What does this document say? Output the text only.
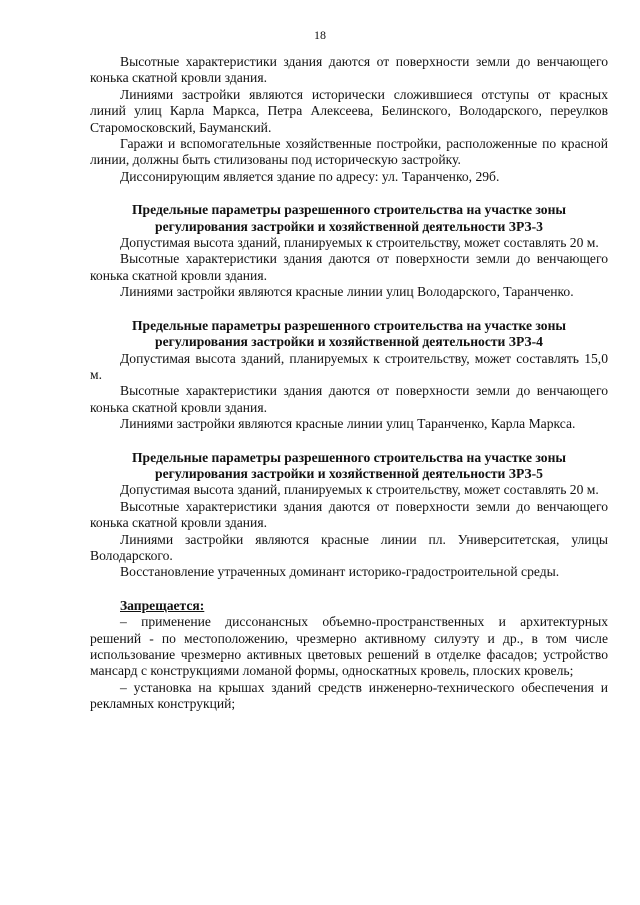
18

Высотные характеристики здания даются от поверхности земли до венчающего конька скатной кровли здания.

Линиями застройки являются исторически сложившиеся отступы от красных линий улиц Карла Маркса, Петра Алексеева, Белинского, Володарского, переулков Старомосковский, Бауманский.

Гаражи и вспомогательные хозяйственные постройки, расположенные по красной линии, должны быть стилизованы под историческую застройку.

Диссонирующим является здание по адресу: ул. Таранченко, 29б.

Предельные параметры разрешенного строительства на участке зоны регулирования застройки и хозяйственной деятельности ЗРЗ-3

Допустимая высота зданий, планируемых к строительству, может составлять 20 м.

Высотные характеристики здания даются от поверхности земли до венчающего конька скатной кровли здания.

Линиями застройки являются красные линии улиц Володарского, Таранченко.

Предельные параметры разрешенного строительства на участке зоны регулирования застройки и хозяйственной деятельности ЗРЗ-4

Допустимая высота зданий, планируемых к строительству, может составлять 15,0 м.

Высотные характеристики здания даются от поверхности земли до венчающего конька скатной кровли здания.

Линиями застройки являются красные линии улиц Таранченко, Карла Маркса.

Предельные параметры разрешенного строительства на участке зоны регулирования застройки и хозяйственной деятельности ЗРЗ-5

Допустимая высота зданий, планируемых к строительству, может составлять 20 м.

Высотные характеристики здания даются от поверхности земли до венчающего конька скатной кровли здания.

Линиями застройки являются красные линии пл. Университетская, улицы Володарского.

Восстановление утраченных доминант историко-градостроительной среды.

Запрещается:

– применение диссонансных объемно-пространственных и архитектурных решений - по местоположению, чрезмерно активному силуэту и др., в том числе использование чрезмерно активных цветовых решений в отделке фасадов; устройство мансард с конструкциями ломаной формы, односкатных кровель, плоских кровель;

– установка на крышах зданий средств инженерно-технического обеспечения и рекламных конструкций;
